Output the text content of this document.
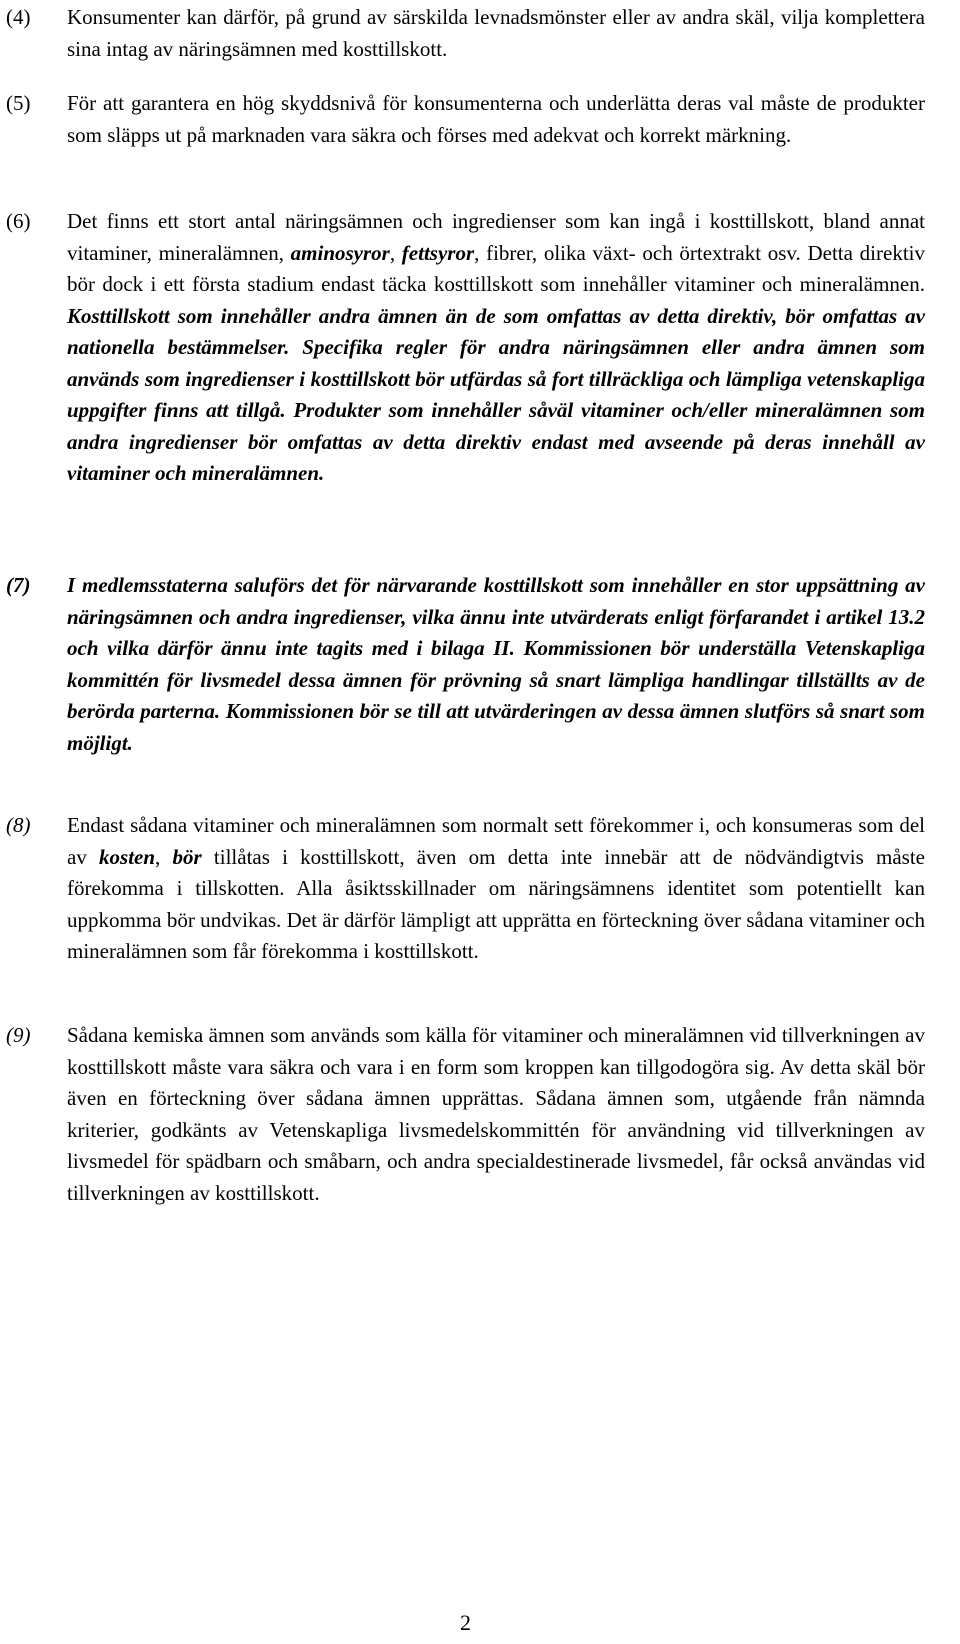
(4) Konsumenter kan därför, på grund av särskilda levnadsmönster eller av andra skäl, vilja komplettera sina intag av näringsämnen med kosttillskott.
(5) För att garantera en hög skyddsnivå för konsumenterna och underlätta deras val måste de produkter som släpps ut på marknaden vara säkra och förses med adekvat och korrekt märkning.
(6) Det finns ett stort antal näringsämnen och ingredienser som kan ingå i kosttillskott, bland annat vitaminer, mineralämnen, aminosyror, fettsyror, fibrer, olika växt- och örtextrakt osv. Detta direktiv bör dock i ett första stadium endast täcka kosttillskott som innehåller vitaminer och mineralämnen. Kosttillskott som innehåller andra ämnen än de som omfattas av detta direktiv, bör omfattas av nationella bestämmelser. Specifika regler för andra näringsämnen eller andra ämnen som används som ingredienser i kosttillskott bör utfärdas så fort tillräckliga och lämpliga vetenskapliga uppgifter finns att tillgå. Produkter som innehåller såväl vitaminer och/eller mineralämnen som andra ingredienser bör omfattas av detta direktiv endast med avseende på deras innehåll av vitaminer och mineralämnen.
(7) I medlemsstaterna saluförs det för närvarande kosttillskott som innehåller en stor uppsättning av näringsämnen och andra ingredienser, vilka ännu inte utvärderats enligt förfarandet i artikel 13.2 och vilka därför ännu inte tagits med i bilaga II. Kommissionen bör underställa Vetenskapliga kommittén för livsmedel dessa ämnen för prövning så snart lämpliga handlingar tillställts av de berörda parterna. Kommissionen bör se till att utvärderingen av dessa ämnen slutförs så snart som möjligt.
(8) Endast sådana vitaminer och mineralämnen som normalt sett förekommer i, och konsumeras som del av kosten, bör tillåtas i kosttillskott, även om detta inte innebär att de nödvändigtvis måste förekomma i tillskotten. Alla åsiktsskillnader om näringsämnens identitet som potentiellt kan uppkomma bör undvikas. Det är därför lämpligt att upprätta en förteckning över sådana vitaminer och mineralämnen som får förekomma i kosttillskott.
(9) Sådana kemiska ämnen som används som källa för vitaminer och mineralämnen vid tillverkningen av kosttillskott måste vara säkra och vara i en form som kroppen kan tillgodogöra sig. Av detta skäl bör även en förteckning över sådana ämnen upprättas. Sådana ämnen som, utgående från nämnda kriterier, godkänts av Vetenskapliga livsmedelskommittén för användning vid tillverkningen av livsmedel för spädbarn och småbarn, och andra specialdestinerade livsmedel, får också användas vid tillverkningen av kosttillskott.
2
